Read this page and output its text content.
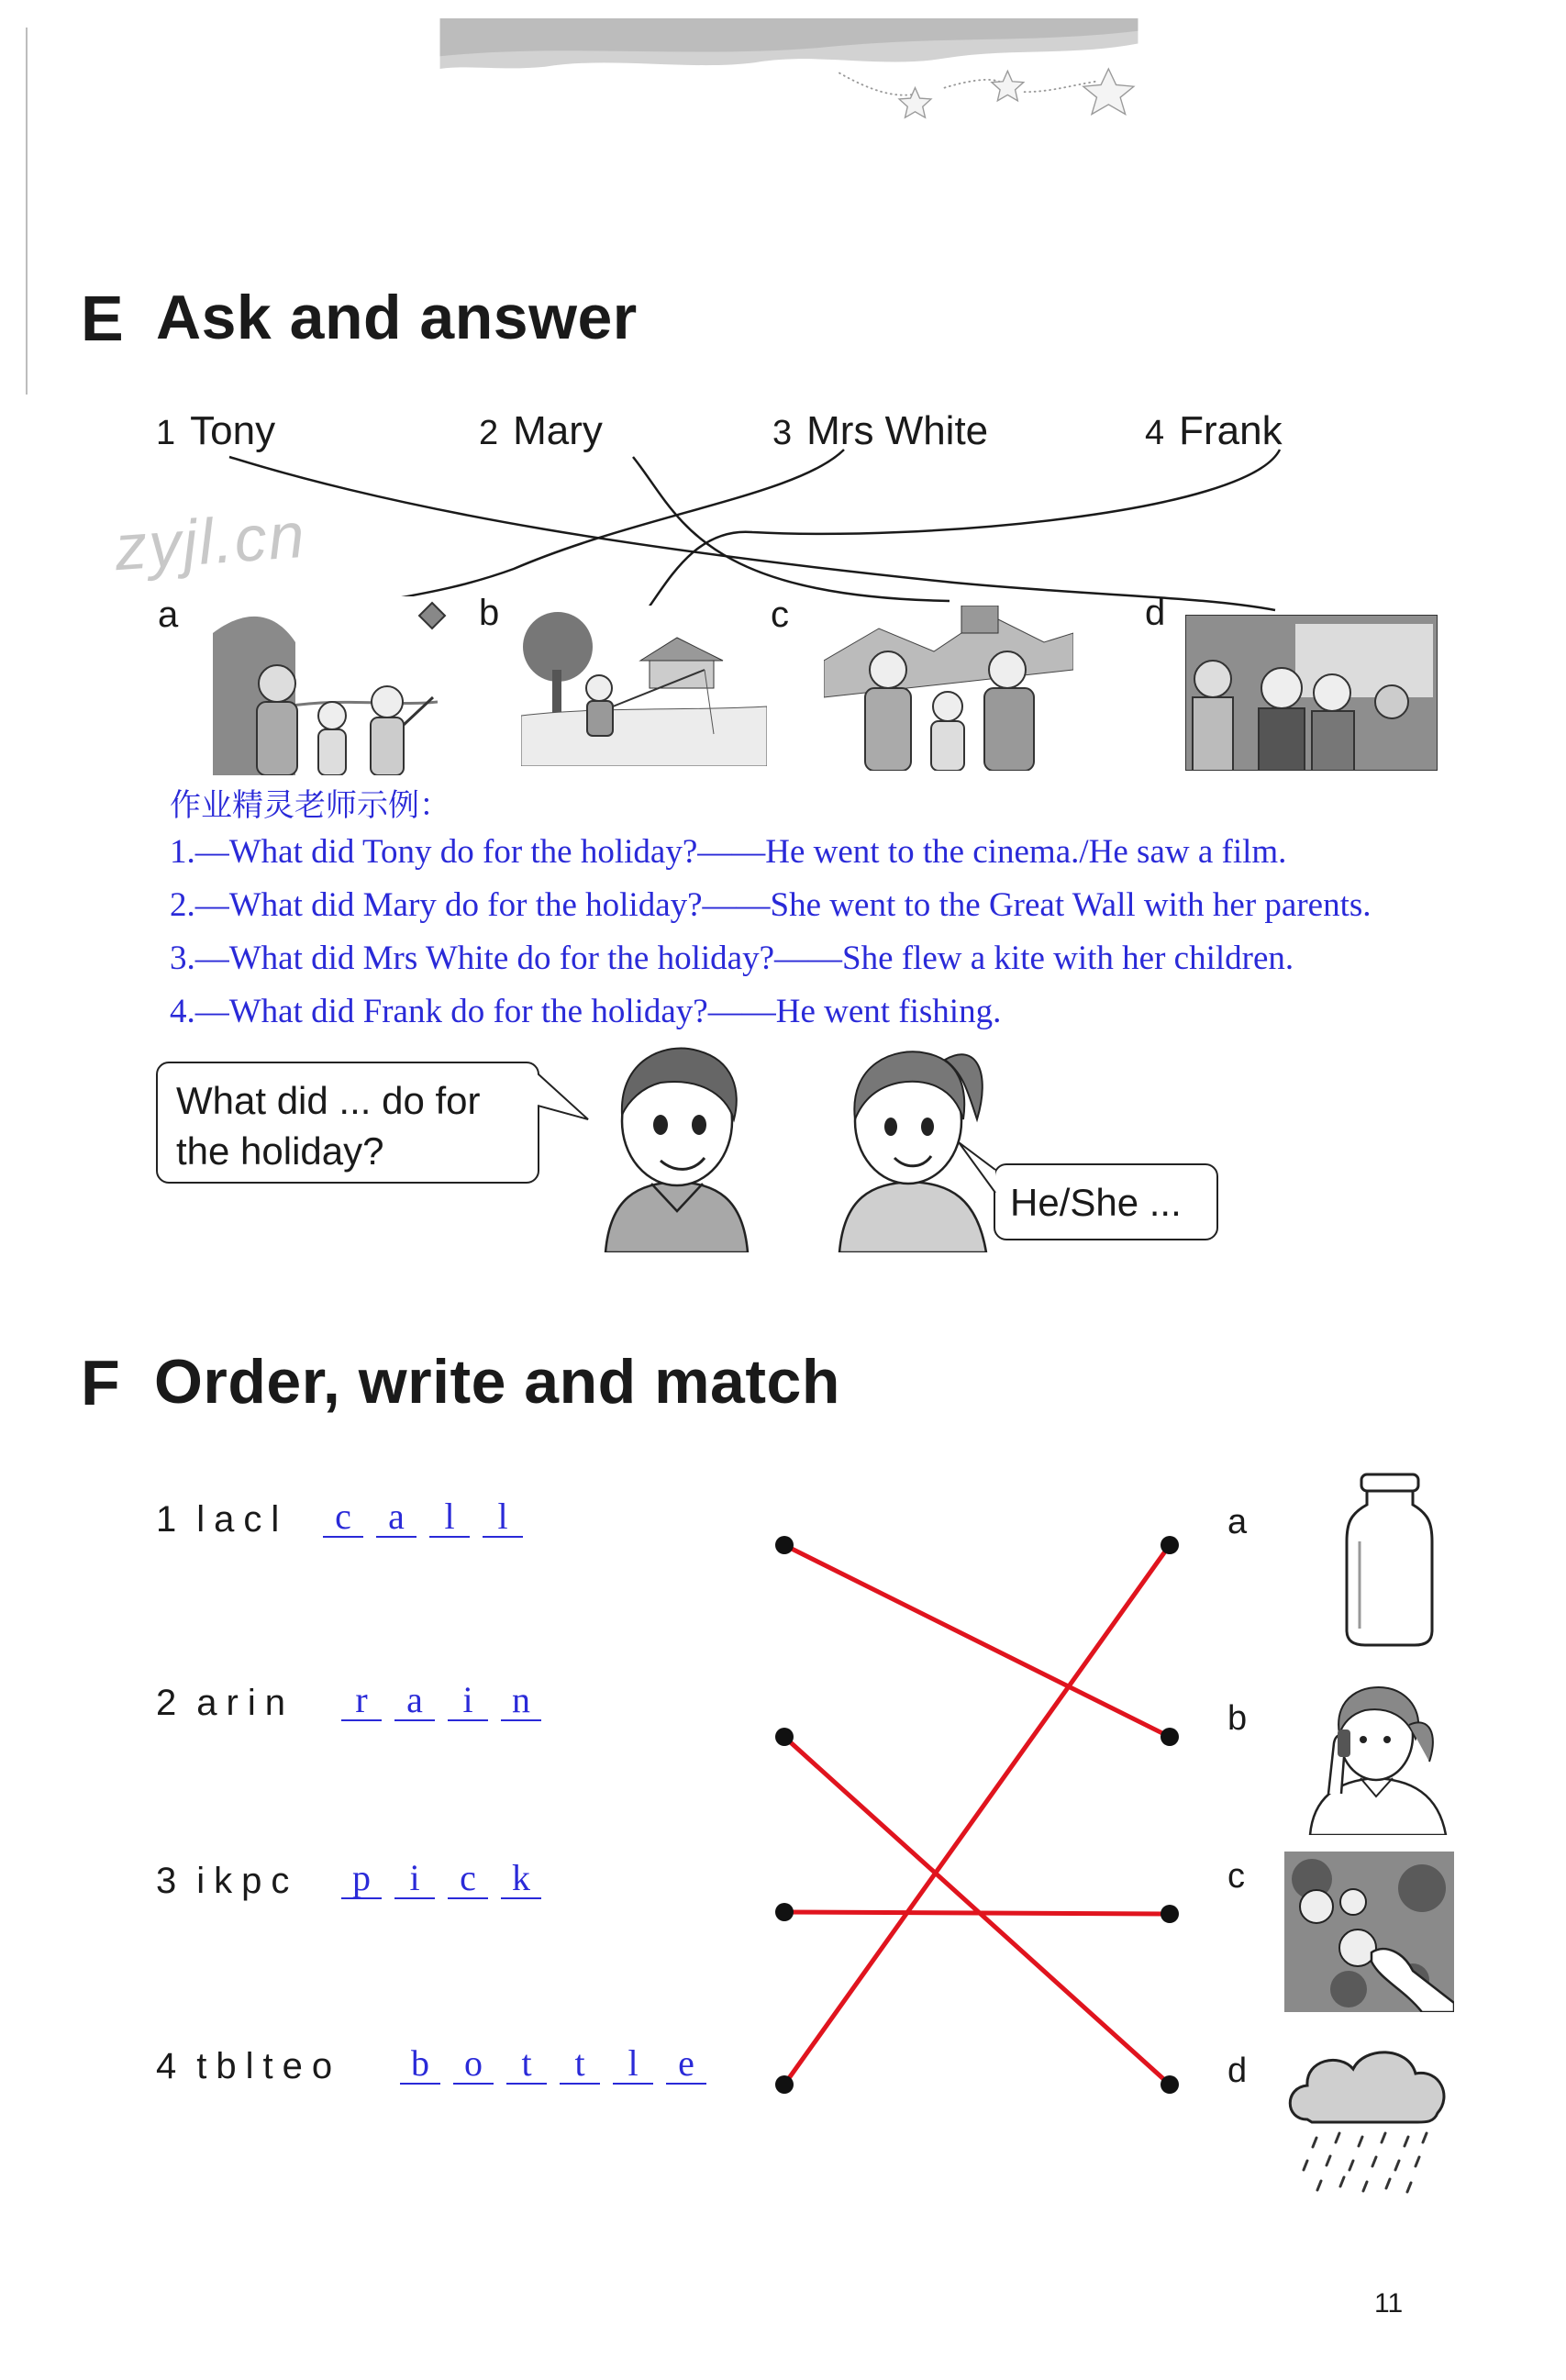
E Ask and answer
1 Tony	2 Mary	3 Mrs White	4 Frank
zyjl.cn
a	b	c	d
作业精灵老师示例：
1.—What did Tony do for the holiday?——He went to the cinema./He saw a film.
2.—What did Mary do for the holiday?——She went to the Great Wall with her parents.
3.—What did Mrs White do for the holiday?——She flew a kite with her children.
4.—What did Frank do for the holiday?——He went fishing.
What did ... do for the holiday?
He/She ...
F Order, write and match
1 lacl	c	a	l	l
2 arin	r	a	i	n
3 ikpc	p	i	c k
4 tblteo	b o	t	t	l	e
a
b
c
d
11
